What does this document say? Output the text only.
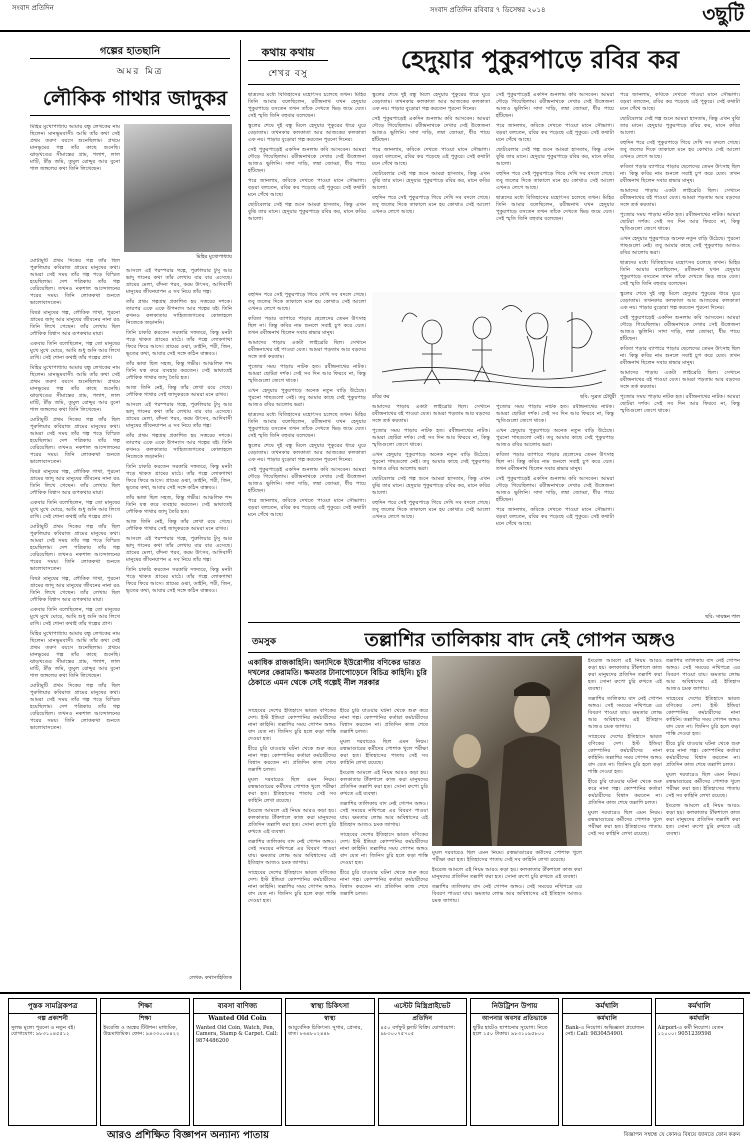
সংবাদ প্রতিদিন	সংবাদ প্রতিদিন রবিবার ৭ ডিসেম্বর ২০১৪	৩ছুটি
গল্পের হাতছানি
অমর মিত্র
লৌকিক গাথার জাদুকর

মিহির মুখোপাধ্যায় আমার বন্ধু লেখকের নাম ছিলেন। মানভূমবাসী। আমি তাঁর কথা সেই প্রথম তরুণ বয়সে শুনেছিলাম। প্রথমে মানভূমের গল্প তাঁর কাছে শুনেছি। ঝাড়খণ্ডের সীমান্তের গ্রাম, পলাশ, লাল মাটি, টাঁড় জমি, তুমুল রোদ্দুর আর বুনো শাল জঙ্গলের কথা তিনি লিখেছেন।

মিহির মুখোপাধ্যায়

মোটামুটি প্রথম দিকের গল্প তাঁর ছিল পুরুলিয়ার কবিরাজ গ্রামের মানুষের কথা। আমরা সেই সময় তাঁর গল্প পড়ে বিস্মিত হয়েছিলাম। দেশ পত্রিকায় তাঁর গল্প বেরিয়েছিল। তখনও নকশাল আন্দোলনের পরের সময়। তিনি লোককথা শুনতে ভালোবাসতেন।

বিষণ্ণ মানুষের গল্প, লৌকিক গাথা, পুরনো গ্রামের জাদু আর মানুষের জীবনের নানা রঙ তিনি লিখে গেছেন। তাঁর লেখায় ছিল লৌকিক বিশ্বাস আর রূপকথার মায়া।

একবার তিনি বলেছিলেন, গল্প তো মানুষের মুখে মুখে ঘোরে, আমি শুধু শুনি আর লিখে রাখি। সেই শোনা কথাই তাঁর গল্পের প্রাণ।

মিহির মুখোপাধ্যায় আমার বন্ধু লেখকের নাম ছিলেন। মানভূমবাসী। আমি তাঁর কথা সেই প্রথম তরুণ বয়সে শুনেছিলাম। প্রথমে মানভূমের গল্প তাঁর কাছে শুনেছি। ঝাড়খণ্ডের সীমান্তের গ্রাম, পলাশ, লাল মাটি, টাঁড় জমি, তুমুল রোদ্দুর আর বুনো শাল জঙ্গলের কথা তিনি লিখেছেন।

মোটামুটি প্রথম দিকের গল্প তাঁর ছিল পুরুলিয়ার কবিরাজ গ্রামের মানুষের কথা। আমরা সেই সময় তাঁর গল্প পড়ে বিস্মিত হয়েছিলাম। দেশ পত্রিকায় তাঁর গল্প বেরিয়েছিল। তখনও নকশাল আন্দোলনের পরের সময়। তিনি লোককথা শুনতে ভালোবাসতেন।

বিষণ্ণ মানুষের গল্প, লৌকিক গাথা, পুরনো গ্রামের জাদু আর মানুষের জীবনের নানা রঙ তিনি লিখে গেছেন। তাঁর লেখায় ছিল লৌকিক বিশ্বাস আর রূপকথার মায়া।

একবার তিনি বলেছিলেন, গল্প তো মানুষের মুখে মুখে ঘোরে, আমি শুধু শুনি আর লিখে রাখি। সেই শোনা কথাই তাঁর গল্পের প্রাণ।

মোটামুটি প্রথম দিকের গল্প তাঁর ছিল পুরুলিয়ার কবিরাজ গ্রামের মানুষের কথা। আমরা সেই সময় তাঁর গল্প পড়ে বিস্মিত হয়েছিলাম। দেশ পত্রিকায় তাঁর গল্প বেরিয়েছিল। তখনও নকশাল আন্দোলনের পরের সময়। তিনি লোককথা শুনতে ভালোবাসতেন।

বিষণ্ণ মানুষের গল্প, লৌকিক গাথা, পুরনো গ্রামের জাদু আর মানুষের জীবনের নানা রঙ তিনি লিখে গেছেন। তাঁর লেখায় ছিল লৌকিক বিশ্বাস আর রূপকথার মায়া।

একবার তিনি বলেছিলেন, গল্প তো মানুষের মুখে মুখে ঘোরে, আমি শুধু শুনি আর লিখে রাখি। সেই শোনা কথাই তাঁর গল্পের প্রাণ।

মিহির মুখোপাধ্যায় আমার বন্ধু লেখকের নাম ছিলেন। মানভূমবাসী। আমি তাঁর কথা সেই প্রথম তরুণ বয়সে শুনেছিলাম। প্রথমে মানভূমের গল্প তাঁর কাছে শুনেছি। ঝাড়খণ্ডের সীমান্তের গ্রাম, পলাশ, লাল মাটি, টাঁড় জমি, তুমুল রোদ্দুর আর বুনো শাল জঙ্গলের কথা তিনি লিখেছেন।

মোটামুটি প্রথম দিকের গল্প তাঁর ছিল পুরুলিয়ার কবিরাজ গ্রামের মানুষের কথা। আমরা সেই সময় তাঁর গল্প পড়ে বিস্মিত হয়েছিলাম। দেশ পত্রিকায় তাঁর গল্প বেরিয়েছিল। তখনও নকশাল আন্দোলনের পরের সময়। তিনি লোককথা শুনতে ভালোবাসতেন।

আসলে এই পরম্পরার গল্পে, পুরুলিয়ার টুসু আর ভাদু গানের কথা তাঁর লেখায় বার বার এসেছে। গ্রামের মেলা, বাঁদনা পরব, করম উৎসব, আদিবাসী মানুষের জীবনযাপন এ সব নিয়ে তাঁর গল্প।

তাঁর প্রথম গল্পগ্রন্থ প্রকাশিত হয় সত্তরের দশকে। তারপর একে একে উপন্যাস আর গল্পের বই। তিনি কখনও কলকাতার সাহিত্যজগতের কোলাহলে নিজেকে জড়াননি।

তিনি চাকরি করতেন সরকারি দফতরে, কিন্তু মনটা পড়ে থাকত গ্রামের মাঠে। তাঁর গল্পে লোকগাথা ফিরে ফিরে আসে। গ্রামের ওঝা, ডাইনি, পরী, জিন, ভূতের কথা, আবার সেই সঙ্গে কঠিন বাস্তবও।

তাঁর ভাষা ছিল সহজ, কিন্তু গভীর। আঞ্চলিক শব্দ তিনি যত্ন করে ব্যবহার করতেন। সেই ভাষাতেই লৌকিক গাথার জাদু তৈরি হত।

আজ তিনি নেই, কিন্তু তাঁর লেখা রয়ে গেছে। লৌকিক গাথার সেই জাদুকরকে আমরা মনে রাখব।

আসলে এই পরম্পরার গল্পে, পুরুলিয়ার টুসু আর ভাদু গানের কথা তাঁর লেখায় বার বার এসেছে। গ্রামের মেলা, বাঁদনা পরব, করম উৎসব, আদিবাসী মানুষের জীবনযাপন এ সব নিয়ে তাঁর গল্প।

তাঁর প্রথম গল্পগ্রন্থ প্রকাশিত হয় সত্তরের দশকে। তারপর একে একে উপন্যাস আর গল্পের বই। তিনি কখনও কলকাতার সাহিত্যজগতের কোলাহলে নিজেকে জড়াননি।

তিনি চাকরি করতেন সরকারি দফতরে, কিন্তু মনটা পড়ে থাকত গ্রামের মাঠে। তাঁর গল্পে লোকগাথা ফিরে ফিরে আসে। গ্রামের ওঝা, ডাইনি, পরী, জিন, ভূতের কথা, আবার সেই সঙ্গে কঠিন বাস্তবও।

তাঁর ভাষা ছিল সহজ, কিন্তু গভীর। আঞ্চলিক শব্দ তিনি যত্ন করে ব্যবহার করতেন। সেই ভাষাতেই লৌকিক গাথার জাদু তৈরি হত।

আজ তিনি নেই, কিন্তু তাঁর লেখা রয়ে গেছে। লৌকিক গাথার সেই জাদুকরকে আমরা মনে রাখব।

আসলে এই পরম্পরার গল্পে, পুরুলিয়ার টুসু আর ভাদু গানের কথা তাঁর লেখায় বার বার এসেছে। গ্রামের মেলা, বাঁদনা পরব, করম উৎসব, আদিবাসী মানুষের জীবনযাপন এ সব নিয়ে তাঁর গল্প।

তিনি চাকরি করতেন সরকারি দফতরে, কিন্তু মনটা পড়ে থাকত গ্রামের মাঠে। তাঁর গল্পে লোকগাথা ফিরে ফিরে আসে। গ্রামের ওঝা, ডাইনি, পরী, জিন, ভূতের কথা, আবার সেই সঙ্গে কঠিন বাস্তবও।

লেখক: কথাসাহিত্যিক
কথায় কথায়
শেখর বসু	হেদুয়ার পুকুরপাড়ে রবির কর

ছাত্রদের মধ্যে বিতিহাসের মহোৎসব চলেছে তখন। মিহির তিনি আমার বলেছিলেন, রবীন্দ্রনাথ যখন হেদুয়ার পুকুরপাড়ে বসতেন তখন তাঁকে দেখতে ভিড় জমে যেত। সেই স্মৃতি তিনি বহুবার বলেছেন।

স্কুলের শেষে দুই বন্ধু মিলে হেদুয়ার পুকুরের ধারে ঘুরে বেড়াতাম। তখনকার কলকাতা আর আজকের কলকাতা এক নয়। পাড়ার বুড়োরা গল্প করতেন পুরনো দিনের।

সেই পুকুরপাড়েই একদিন শুনলাম কবি আসবেন। আমরা দৌড়ে গিয়েছিলাম। রবীন্দ্রনাথকে দেখার সেই উত্তেজনা আজও ভুলিনি। সাদা দাড়ি, লম্বা জোব্বা, ধীর পায়ে হাঁটছেন।

পরে জানলাম, কবিকে দেখতে পাওয়া মানে সৌভাগ্য। বড়রা বলতেন, রবির কর পড়েছে এই পুকুরে। সেই কথাটা মনে গেঁথে আছে।

ছোটবেলার সেই গল্প শুনে আমরা হাসতাম, কিন্তু এখন বুঝি তার মানে। হেদুয়ার পুকুরপাড়ে রবির কর, মানে কবির আলো।

স্কুলের শেষে দুই বন্ধু মিলে হেদুয়ার পুকুরের ধারে ঘুরে বেড়াতাম। তখনকার কলকাতা আর আজকের কলকাতা এক নয়। পাড়ার বুড়োরা গল্প করতেন পুরনো দিনের।

সেই পুকুরপাড়েই একদিন শুনলাম কবি আসবেন। আমরা দৌড়ে গিয়েছিলাম। রবীন্দ্রনাথকে দেখার সেই উত্তেজনা আজও ভুলিনি। সাদা দাড়ি, লম্বা জোব্বা, ধীর পায়ে হাঁটছেন।

পরে জানলাম, কবিকে দেখতে পাওয়া মানে সৌভাগ্য। বড়রা বলতেন, রবির কর পড়েছে এই পুকুরে। সেই কথাটা মনে গেঁথে আছে।

ছোটবেলার সেই গল্প শুনে আমরা হাসতাম, কিন্তু এখন বুঝি তার মানে। হেদুয়ার পুকুরপাড়ে রবির কর, মানে কবির আলো।

বহুদিন পরে সেই পুকুরপাড়ে গিয়ে দেখি সব বদলে গেছে। তবু জলের দিকে তাকালে মনে হয় কোথাও সেই আলো এখনও লেগে আছে।

সেই পুকুরপাড়েই একদিন শুনলাম কবি আসবেন। আমরা দৌড়ে গিয়েছিলাম। রবীন্দ্রনাথকে দেখার সেই উত্তেজনা আজও ভুলিনি। সাদা দাড়ি, লম্বা জোব্বা, ধীর পায়ে হাঁটছেন।

পরে জানলাম, কবিকে দেখতে পাওয়া মানে সৌভাগ্য। বড়রা বলতেন, রবির কর পড়েছে এই পুকুরে। সেই কথাটা মনে গেঁথে আছে।

ছোটবেলার সেই গল্প শুনে আমরা হাসতাম, কিন্তু এখন বুঝি তার মানে। হেদুয়ার পুকুরপাড়ে রবির কর, মানে কবির আলো।

বহুদিন পরে সেই পুকুরপাড়ে গিয়ে দেখি সব বদলে গেছে। তবু জলের দিকে তাকালে মনে হয় কোথাও সেই আলো এখনও লেগে আছে।

ছাত্রদের মধ্যে বিতিহাসের মহোৎসব চলেছে তখন। মিহির তিনি আমার বলেছিলেন, রবীন্দ্রনাথ যখন হেদুয়ার পুকুরপাড়ে বসতেন তখন তাঁকে দেখতে ভিড় জমে যেত। সেই স্মৃতি তিনি বহুবার বলেছেন।

পরে জানলাম, কবিকে দেখতে পাওয়া মানে সৌভাগ্য। বড়রা বলতেন, রবির কর পড়েছে এই পুকুরে। সেই কথাটা মনে গেঁথে আছে।

ছোটবেলার সেই গল্প শুনে আমরা হাসতাম, কিন্তু এখন বুঝি তার মানে। হেদুয়ার পুকুরপাড়ে রবির কর, মানে কবির আলো।

বহুদিন পরে সেই পুকুরপাড়ে গিয়ে দেখি সব বদলে গেছে। তবু জলের দিকে তাকালে মনে হয় কোথাও সেই আলো এখনও লেগে আছে।

কবিতা পড়ার ব্যাপারে পাড়ার ছেলেদের তেমন উৎসাহ ছিল না। কিন্তু কবির নাম শুনলে সবাই চুপ করে যেত। তখন রবীন্দ্রনাথ ছিলেন সবার শ্রদ্ধার মানুষ।

আমাদের পাড়ায় একটা লাইব্রেরি ছিল। সেখানে রবীন্দ্রনাথের বই পাওয়া যেত। আমরা পড়তাম আর বড়দের সঙ্গে তর্ক করতাম।

পুজোর সময় পাড়ায় নাটক হত। রবীন্দ্রনাথের নাটক। আমরা ছোটরা দর্শক। সেই সব দিন আর ফিরবে না, কিন্তু স্মৃতিগুলো জেগে থাকে।

এখন হেদুয়ার পুকুরপাড়ে অনেক নতুন বাড়ি উঠেছে। পুরনো গাছগুলো নেই। তবু আমার কাছে সেই পুকুরপাড় আজও রবির আলোয় ভরা।

ছাত্রদের মধ্যে বিতিহাসের মহোৎসব চলেছে তখন। মিহির তিনি আমার বলেছিলেন, রবীন্দ্রনাথ যখন হেদুয়ার পুকুরপাড়ে বসতেন তখন তাঁকে দেখতে ভিড় জমে যেত। সেই স্মৃতি তিনি বহুবার বলেছেন।

স্কুলের শেষে দুই বন্ধু মিলে হেদুয়ার পুকুরের ধারে ঘুরে বেড়াতাম। তখনকার কলকাতা আর আজকের কলকাতা এক নয়। পাড়ার বুড়োরা গল্প করতেন পুরনো দিনের।

সেই পুকুরপাড়েই একদিন শুনলাম কবি আসবেন। আমরা দৌড়ে গিয়েছিলাম। রবীন্দ্রনাথকে দেখার সেই উত্তেজনা আজও ভুলিনি। সাদা দাড়ি, লম্বা জোব্বা, ধীর পায়ে হাঁটছেন।

কবিতা পড়ার ব্যাপারে পাড়ার ছেলেদের তেমন উৎসাহ ছিল না। কিন্তু কবির নাম শুনলে সবাই চুপ করে যেত। তখন রবীন্দ্রনাথ ছিলেন সবার শ্রদ্ধার মানুষ।

আমাদের পাড়ায় একটা লাইব্রেরি ছিল। সেখানে রবীন্দ্রনাথের বই পাওয়া যেত। আমরা পড়তাম আর বড়দের সঙ্গে তর্ক করতাম।

পুজোর সময় পাড়ায় নাটক হত। রবীন্দ্রনাথের নাটক। আমরা ছোটরা দর্শক। সেই সব দিন আর ফিরবে না, কিন্তু স্মৃতিগুলো জেগে থাকে।

রবির কর	ছবি: সুব্রত চৌধুরী

বহুদিন পরে সেই পুকুরপাড়ে গিয়ে দেখি সব বদলে গেছে। তবু জলের দিকে তাকালে মনে হয় কোথাও সেই আলো এখনও লেগে আছে।

কবিতা পড়ার ব্যাপারে পাড়ার ছেলেদের তেমন উৎসাহ ছিল না। কিন্তু কবির নাম শুনলে সবাই চুপ করে যেত। তখন রবীন্দ্রনাথ ছিলেন সবার শ্রদ্ধার মানুষ।

আমাদের পাড়ায় একটা লাইব্রেরি ছিল। সেখানে রবীন্দ্রনাথের বই পাওয়া যেত। আমরা পড়তাম আর বড়দের সঙ্গে তর্ক করতাম।

পুজোর সময় পাড়ায় নাটক হত। রবীন্দ্রনাথের নাটক। আমরা ছোটরা দর্শক। সেই সব দিন আর ফিরবে না, কিন্তু স্মৃতিগুলো জেগে থাকে।

এখন হেদুয়ার পুকুরপাড়ে অনেক নতুন বাড়ি উঠেছে। পুরনো গাছগুলো নেই। তবু আমার কাছে সেই পুকুরপাড় আজও রবির আলোয় ভরা।

ছাত্রদের মধ্যে বিতিহাসের মহোৎসব চলেছে তখন। মিহির তিনি আমার বলেছিলেন, রবীন্দ্রনাথ যখন হেদুয়ার পুকুরপাড়ে বসতেন তখন তাঁকে দেখতে ভিড় জমে যেত। সেই স্মৃতি তিনি বহুবার বলেছেন।

স্কুলের শেষে দুই বন্ধু মিলে হেদুয়ার পুকুরের ধারে ঘুরে বেড়াতাম। তখনকার কলকাতা আর আজকের কলকাতা এক নয়। পাড়ার বুড়োরা গল্প করতেন পুরনো দিনের।

সেই পুকুরপাড়েই একদিন শুনলাম কবি আসবেন। আমরা দৌড়ে গিয়েছিলাম। রবীন্দ্রনাথকে দেখার সেই উত্তেজনা আজও ভুলিনি। সাদা দাড়ি, লম্বা জোব্বা, ধীর পায়ে হাঁটছেন।

পরে জানলাম, কবিকে দেখতে পাওয়া মানে সৌভাগ্য। বড়রা বলতেন, রবির কর পড়েছে এই পুকুরে। সেই কথাটা মনে গেঁথে আছে।

আমাদের পাড়ায় একটা লাইব্রেরি ছিল। সেখানে রবীন্দ্রনাথের বই পাওয়া যেত। আমরা পড়তাম আর বড়দের সঙ্গে তর্ক করতাম।

পুজোর সময় পাড়ায় নাটক হত। রবীন্দ্রনাথের নাটক। আমরা ছোটরা দর্শক। সেই সব দিন আর ফিরবে না, কিন্তু স্মৃতিগুলো জেগে থাকে।

এখন হেদুয়ার পুকুরপাড়ে অনেক নতুন বাড়ি উঠেছে। পুরনো গাছগুলো নেই। তবু আমার কাছে সেই পুকুরপাড় আজও রবির আলোয় ভরা।

ছোটবেলার সেই গল্প শুনে আমরা হাসতাম, কিন্তু এখন বুঝি তার মানে। হেদুয়ার পুকুরপাড়ে রবির কর, মানে কবির আলো।

বহুদিন পরে সেই পুকুরপাড়ে গিয়ে দেখি সব বদলে গেছে। তবু জলের দিকে তাকালে মনে হয় কোথাও সেই আলো এখনও লেগে আছে।

পুজোর সময় পাড়ায় নাটক হত। রবীন্দ্রনাথের নাটক। আমরা ছোটরা দর্শক। সেই সব দিন আর ফিরবে না, কিন্তু স্মৃতিগুলো জেগে থাকে।

এখন হেদুয়ার পুকুরপাড়ে অনেক নতুন বাড়ি উঠেছে। পুরনো গাছগুলো নেই। তবু আমার কাছে সেই পুকুরপাড় আজও রবির আলোয় ভরা।

কবিতা পড়ার ব্যাপারে পাড়ার ছেলেদের তেমন উৎসাহ ছিল না। কিন্তু কবির নাম শুনলে সবাই চুপ করে যেত। তখন রবীন্দ্রনাথ ছিলেন সবার শ্রদ্ধার মানুষ।

সেই পুকুরপাড়েই একদিন শুনলাম কবি আসবেন। আমরা দৌড়ে গিয়েছিলাম। রবীন্দ্রনাথকে দেখার সেই উত্তেজনা আজও ভুলিনি। সাদা দাড়ি, লম্বা জোব্বা, ধীর পায়ে হাঁটছেন।

পরে জানলাম, কবিকে দেখতে পাওয়া মানে সৌভাগ্য। বড়রা বলতেন, রবির কর পড়েছে এই পুকুরে। সেই কথাটা মনে গেঁথে আছে।

ছবি: সায়ন্তন পাল
তমসুক	তল্লাশির তালিকায় বাদ নেই গোপন অঙ্গও
একাধিক রাজকাহিনি। অন্যদিকে ইউরোপীয় বণিকের ভারত দখলের কেরামতি। ক্ষমতার টানাপোড়েনে বিচিত্র কাহিনি। চুরি ঠেকাতে এমন থেকে সেই গল্পেই নীল সরকার

সাহেবের দেশের ইতিহাসে ভারত বণিকের দেশ। ইস্ট ইন্ডিয়া কোম্পানির কর্মচারীদের নানা কাহিনি। তল্লাশির সময় গোপন অঙ্গও বাদ যেত না। জিনিস চুরি হলে কড়া শাস্তি দেওয়া হত।

হীরে চুরি যাওয়ার ঘটনা থেকে শুরু করে নানা গল্প। কোম্পানির কর্তারা কর্মচারীদের বিশ্বাস করতেন না। প্রতিদিন কাজ শেষে তল্লাশি চলত।

মুঘল দরবারেও ছিল এমন নিয়ম। রত্নভাণ্ডারের কর্মীদের পোশাক খুলে পরীক্ষা করা হত। ইতিহাসের পাতায় সেই সব কাহিনি লেখা রয়েছে।

ইংরেজ আমলে এই নিয়ম আরও কড়া হয়। কলকাতার টাঁকশালে কাজ করা মানুষদের প্রতিদিন তল্লাশি করা হত। সোনা রুপো চুরি রুখতে এই ব্যবস্থা।

তল্লাশির তালিকায় বাদ নেই গোপন অঙ্গও। সেই সময়ের নথিপত্রে এর বিবরণ পাওয়া যায়। ক্ষমতার লোভ আর অবিশ্বাসের এই ইতিহাস আজও চমক জাগায়।

সাহেবের দেশের ইতিহাসে ভারত বণিকের দেশ। ইস্ট ইন্ডিয়া কোম্পানির কর্মচারীদের নানা কাহিনি। তল্লাশির সময় গোপন অঙ্গও বাদ যেত না। জিনিস চুরি হলে কড়া শাস্তি দেওয়া হত।

হীরে চুরি যাওয়ার ঘটনা থেকে শুরু করে নানা গল্প। কোম্পানির কর্তারা কর্মচারীদের বিশ্বাস করতেন না। প্রতিদিন কাজ শেষে তল্লাশি চলত।

মুঘল দরবারেও ছিল এমন নিয়ম। রত্নভাণ্ডারের কর্মীদের পোশাক খুলে পরীক্ষা করা হত। ইতিহাসের পাতায় সেই সব কাহিনি লেখা রয়েছে।

ইংরেজ আমলে এই নিয়ম আরও কড়া হয়। কলকাতার টাঁকশালে কাজ করা মানুষদের প্রতিদিন তল্লাশি করা হত। সোনা রুপো চুরি রুখতে এই ব্যবস্থা।

তল্লাশির তালিকায় বাদ নেই গোপন অঙ্গও। সেই সময়ের নথিপত্রে এর বিবরণ পাওয়া যায়। ক্ষমতার লোভ আর অবিশ্বাসের এই ইতিহাস আজও চমক জাগায়।

সাহেবের দেশের ইতিহাসে ভারত বণিকের দেশ। ইস্ট ইন্ডিয়া কোম্পানির কর্মচারীদের নানা কাহিনি। তল্লাশির সময় গোপন অঙ্গও বাদ যেত না। জিনিস চুরি হলে কড়া শাস্তি দেওয়া হত।

হীরে চুরি যাওয়ার ঘটনা থেকে শুরু করে নানা গল্প। কোম্পানির কর্তারা কর্মচারীদের বিশ্বাস করতেন না। প্রতিদিন কাজ শেষে তল্লাশি চলত।

মুঘল দরবারেও ছিল এমন নিয়ম। রত্নভাণ্ডারের কর্মীদের পোশাক খুলে পরীক্ষা করা হত। ইতিহাসের পাতায় সেই সব কাহিনি লেখা রয়েছে।

ইংরেজ আমলে এই নিয়ম আরও কড়া হয়। কলকাতার টাঁকশালে কাজ করা মানুষদের প্রতিদিন তল্লাশি করা হত। সোনা রুপো চুরি রুখতে এই ব্যবস্থা।

তল্লাশির তালিকায় বাদ নেই গোপন অঙ্গও। সেই সময়ের নথিপত্রে এর বিবরণ পাওয়া যায়। ক্ষমতার লোভ আর অবিশ্বাসের এই ইতিহাস আজও চমক জাগায়।

ইংরেজ আমলে এই নিয়ম আরও কড়া হয়। কলকাতার টাঁকশালে কাজ করা মানুষদের প্রতিদিন তল্লাশি করা হত। সোনা রুপো চুরি রুখতে এই ব্যবস্থা।

তল্লাশির তালিকায় বাদ নেই গোপন অঙ্গও। সেই সময়ের নথিপত্রে এর বিবরণ পাওয়া যায়। ক্ষমতার লোভ আর অবিশ্বাসের এই ইতিহাস আজও চমক জাগায়।

সাহেবের দেশের ইতিহাসে ভারত বণিকের দেশ। ইস্ট ইন্ডিয়া কোম্পানির কর্মচারীদের নানা কাহিনি। তল্লাশির সময় গোপন অঙ্গও বাদ যেত না। জিনিস চুরি হলে কড়া শাস্তি দেওয়া হত।

হীরে চুরি যাওয়ার ঘটনা থেকে শুরু করে নানা গল্প। কোম্পানির কর্তারা কর্মচারীদের বিশ্বাস করতেন না। প্রতিদিন কাজ শেষে তল্লাশি চলত।

মুঘল দরবারেও ছিল এমন নিয়ম। রত্নভাণ্ডারের কর্মীদের পোশাক খুলে পরীক্ষা করা হত। ইতিহাসের পাতায় সেই সব কাহিনি লেখা রয়েছে।

তল্লাশির তালিকায় বাদ নেই গোপন অঙ্গও। সেই সময়ের নথিপত্রে এর বিবরণ পাওয়া যায়। ক্ষমতার লোভ আর অবিশ্বাসের এই ইতিহাস আজও চমক জাগায়।

সাহেবের দেশের ইতিহাসে ভারত বণিকের দেশ। ইস্ট ইন্ডিয়া কোম্পানির কর্মচারীদের নানা কাহিনি। তল্লাশির সময় গোপন অঙ্গও বাদ যেত না। জিনিস চুরি হলে কড়া শাস্তি দেওয়া হত।

হীরে চুরি যাওয়ার ঘটনা থেকে শুরু করে নানা গল্প। কোম্পানির কর্তারা কর্মচারীদের বিশ্বাস করতেন না। প্রতিদিন কাজ শেষে তল্লাশি চলত।

মুঘল দরবারেও ছিল এমন নিয়ম। রত্নভাণ্ডারের কর্মীদের পোশাক খুলে পরীক্ষা করা হত। ইতিহাসের পাতায় সেই সব কাহিনি লেখা রয়েছে।

ইংরেজ আমলে এই নিয়ম আরও কড়া হয়। কলকাতার টাঁকশালে কাজ করা মানুষদের প্রতিদিন তল্লাশি করা হত। সোনা রুপো চুরি রুখতে এই ব্যবস্থা।

পুস্তক সামগ্রিকপত্র
গল্প প্রকাশনী
সুলভ মূল্যে পুরনো ও নতুন বই। যোগাযোগ: ৯৮৩১০৪৫৫১২
শিক্ষা
শিক্ষা
ইংরেজি ও অঙ্কের টিউশন। মাধ্যমিক, উচ্চমাধ্যমিক। ফোন: ৯৪৩৩০০৪৪২২
ব্যবসা বাণিজ্য
Wanted Old Coin
Wanted Old Coin, Watch, Pen, Camera, Stamp & Carpet. Call: 9874486200
স্বাস্থ্য চিকিৎসা
স্বাস্থ্য
আয়ুর্বেদিক চিকিৎসা। সুগার, প্রেসার, বাত। ৮৬৪৮০২৪৪৮
এস্টেট মিস্ত্রিপ্রাইভেট
প্রতিদিন
৪৫০ বর্গফুট ফ্ল্যাট বিক্রি। যোগাযোগ: ৯৮৩০০৭৫৭০৫
নিউট্রিশন উপায়
আপনার অবসর প্রতিভাকে
ছুটির হাটেও ছাপানোর সুযোগ। নিতে হলে ১৫০ টাকায়। ৯৮৩১০৯৫৮০০
কর্মখালি
কর্মখালি
Bank-এ নিয়োগ। অভিজ্ঞতা প্রয়োজন নেই। Call: 9830454901
কর্মখালি
কর্মখালি
Airport-এ কর্মী নিয়োগ। বেতন ১২০০০। 9051239598
আরও প্রশিক্ষিত বিজ্ঞাপন অন্যান্য পাতায়	বিজ্ঞাপন সম্বন্ধে যে কোনও বিষয়ে জানতে ফোন করুন
